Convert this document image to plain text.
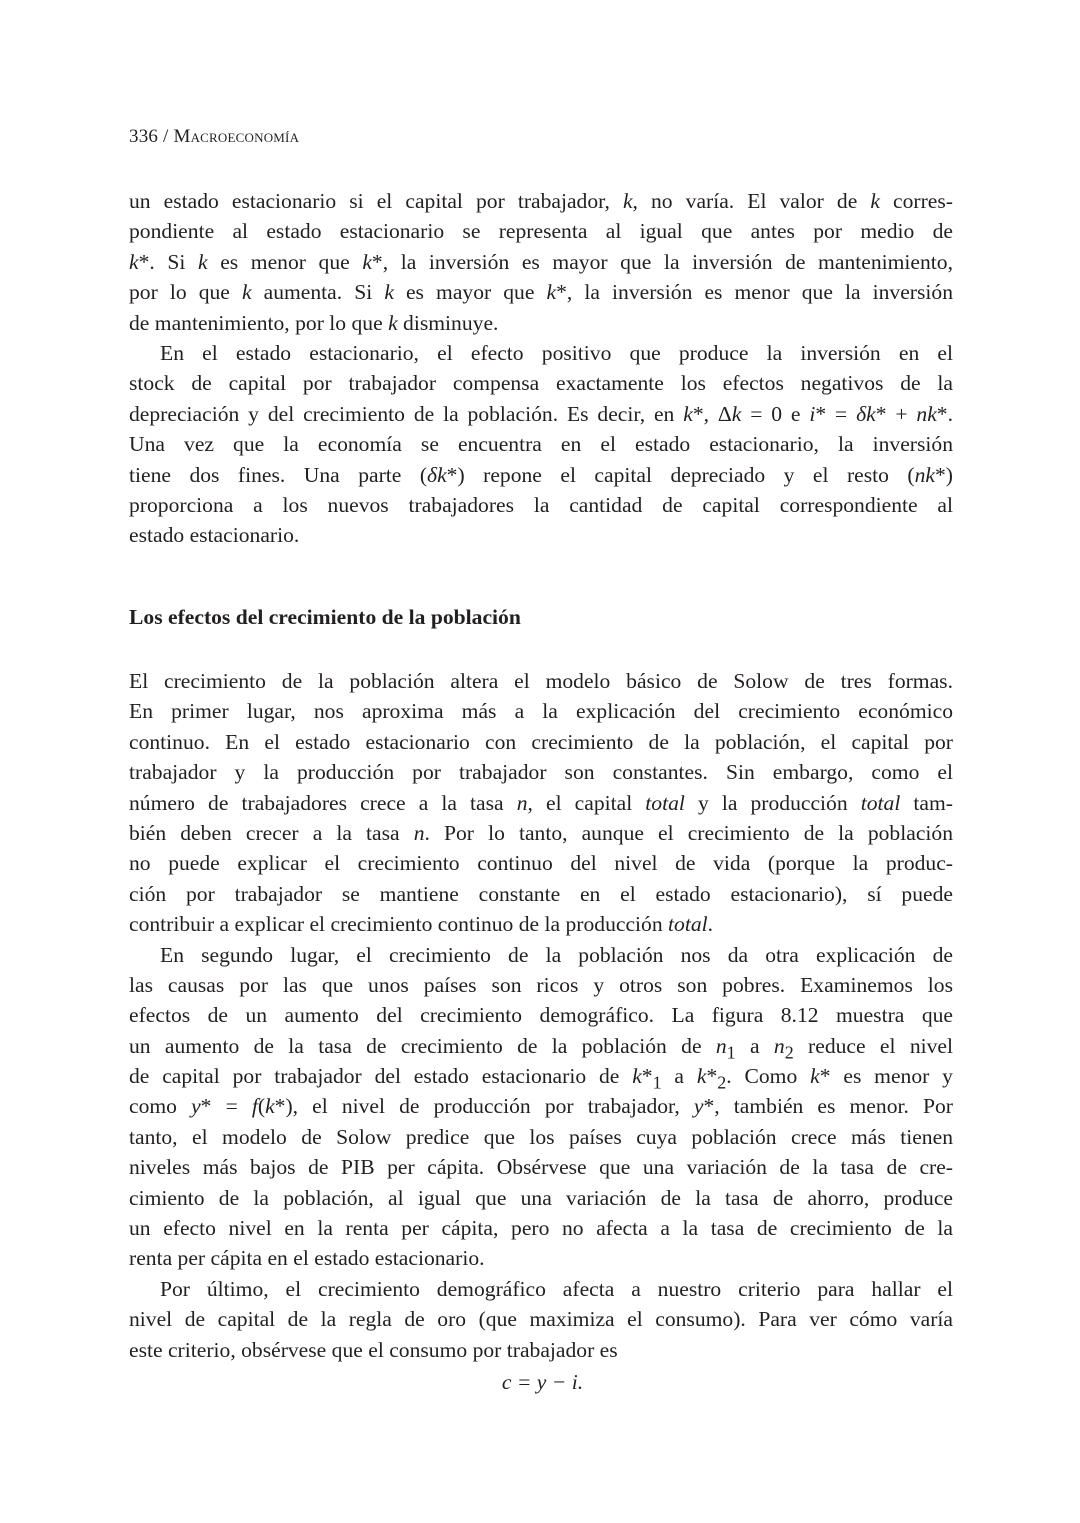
336 / Macroeconomía
un estado estacionario si el capital por trabajador, k, no varía. El valor de k corres-
pondiente al estado estacionario se representa al igual que antes por medio de
k*. Si k es menor que k*, la inversión es mayor que la inversión de mantenimiento,
por lo que k aumenta. Si k es mayor que k*, la inversión es menor que la inversión
de mantenimiento, por lo que k disminuye.
En el estado estacionario, el efecto positivo que produce la inversión en el
stock de capital por trabajador compensa exactamente los efectos negativos de la
depreciación y del crecimiento de la población. Es decir, en k*, Δk = 0 e i* = δk* + nk*.
Una vez que la economía se encuentra en el estado estacionario, la inversión
tiene dos fines. Una parte (δk*) repone el capital depreciado y el resto (nk*)
proporciona a los nuevos trabajadores la cantidad de capital correspondiente al
estado estacionario.
Los efectos del crecimiento de la población
El crecimiento de la población altera el modelo básico de Solow de tres formas.
En primer lugar, nos aproxima más a la explicación del crecimiento económico
continuo. En el estado estacionario con crecimiento de la población, el capital por
trabajador y la producción por trabajador son constantes. Sin embargo, como el
número de trabajadores crece a la tasa n, el capital total y la producción total tam-
bién deben crecer a la tasa n. Por lo tanto, aunque el crecimiento de la población
no puede explicar el crecimiento continuo del nivel de vida (porque la produc-
ción por trabajador se mantiene constante en el estado estacionario), sí puede
contribuir a explicar el crecimiento continuo de la producción total.
En segundo lugar, el crecimiento de la población nos da otra explicación de
las causas por las que unos países son ricos y otros son pobres. Examinemos los
efectos de un aumento del crecimiento demográfico. La figura 8.12 muestra que
un aumento de la tasa de crecimiento de la población de $n_1$ a $n_2$ reduce el nivel
de capital por trabajador del estado estacionario de $k*_1$ a $k*_2$. Como k* es menor y
como y* = f(k*), el nivel de producción por trabajador, y*, también es menor. Por
tanto, el modelo de Solow predice que los países cuya población crece más tienen
niveles más bajos de PIB per cápita. Obsérvese que una variación de la tasa de cre-
cimiento de la población, al igual que una variación de la tasa de ahorro, produce
un efecto nivel en la renta per cápita, pero no afecta a la tasa de crecimiento de la
renta per cápita en el estado estacionario.
Por último, el crecimiento demográfico afecta a nuestro criterio para hallar el
nivel de capital de la regla de oro (que maximiza el consumo). Para ver cómo varía
este criterio, obsérvese que el consumo por trabajador es
c = y − i.
